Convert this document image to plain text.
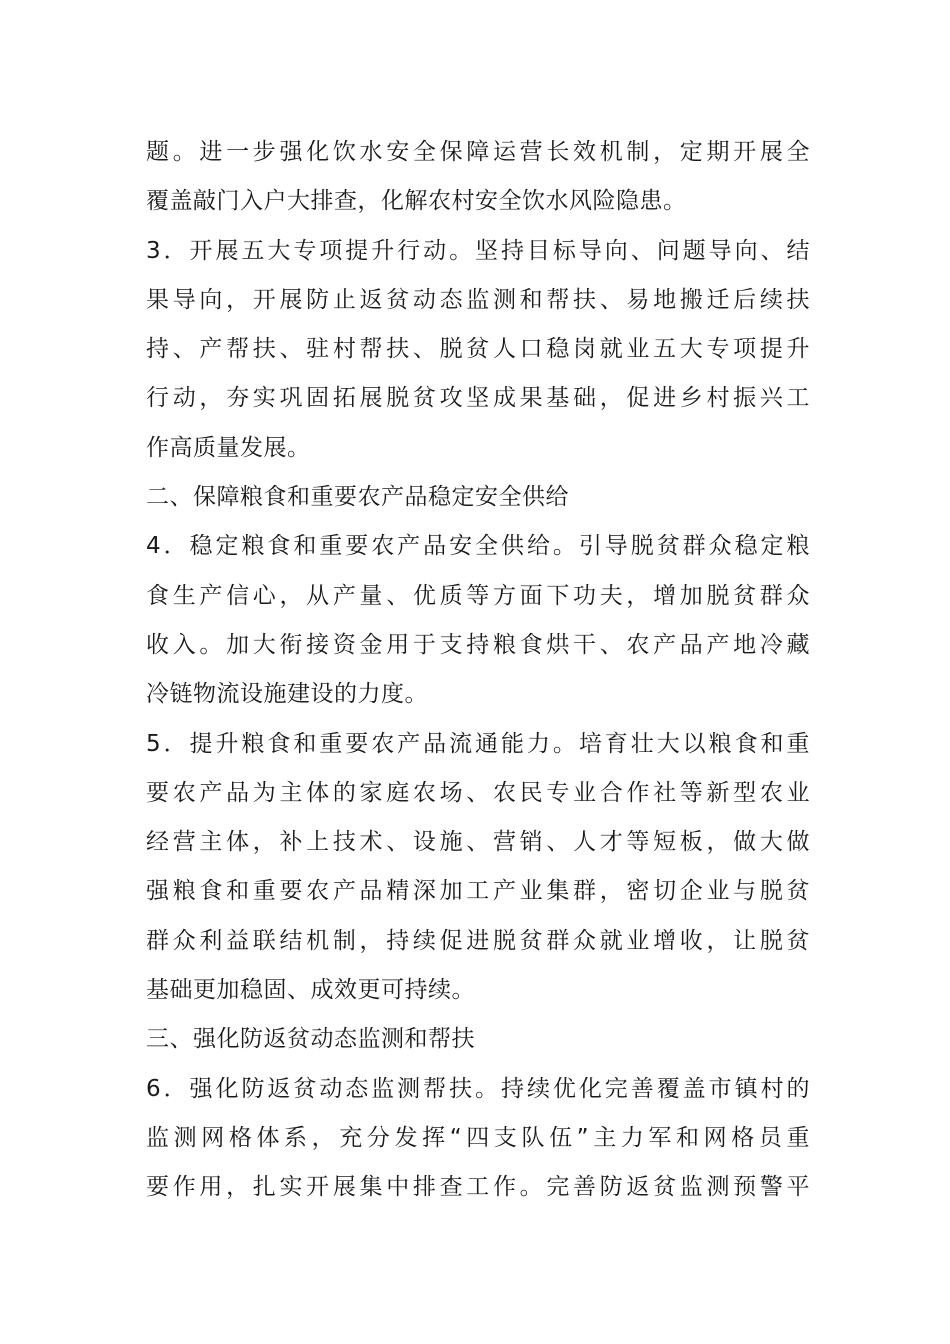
题。进一步强化饮水安全保障运营长效机制，定期开展全
覆盖敲门入户大排查，化解农村安全饮水风险隐患。
3．开展五大专项提升行动。坚持目标导向、问题导向、结
果导向，开展防止返贫动态监测和帮扶、易地搬迁后续扶
持、产帮扶、驻村帮扶、脱贫人口稳岗就业五大专项提升
行动，夯实巩固拓展脱贫攻坚成果基础，促进乡村振兴工
作高质量发展。
二、保障粮食和重要农产品稳定安全供给
4．稳定粮食和重要农产品安全供给。引导脱贫群众稳定粮
食生产信心，从产量、优质等方面下功夫，增加脱贫群众
收入。加大衔接资金用于支持粮食烘干、农产品产地冷藏
冷链物流设施建设的力度。
5．提升粮食和重要农产品流通能力。培育壮大以粮食和重
要农产品为主体的家庭农场、农民专业合作社等新型农业
经营主体，补上技术、设施、营销、人才等短板，做大做
强粮食和重要农产品精深加工产业集群，密切企业与脱贫
群众利益联结机制，持续促进脱贫群众就业增收，让脱贫
基础更加稳固、成效更可持续。
三、强化防返贫动态监测和帮扶
6．强化防返贫动态监测帮扶。持续优化完善覆盖市镇村的
监测网格体系，充分发挥“四支队伍”主力军和网格员重
要作用，扎实开展集中排查工作。完善防返贫监测预警平
